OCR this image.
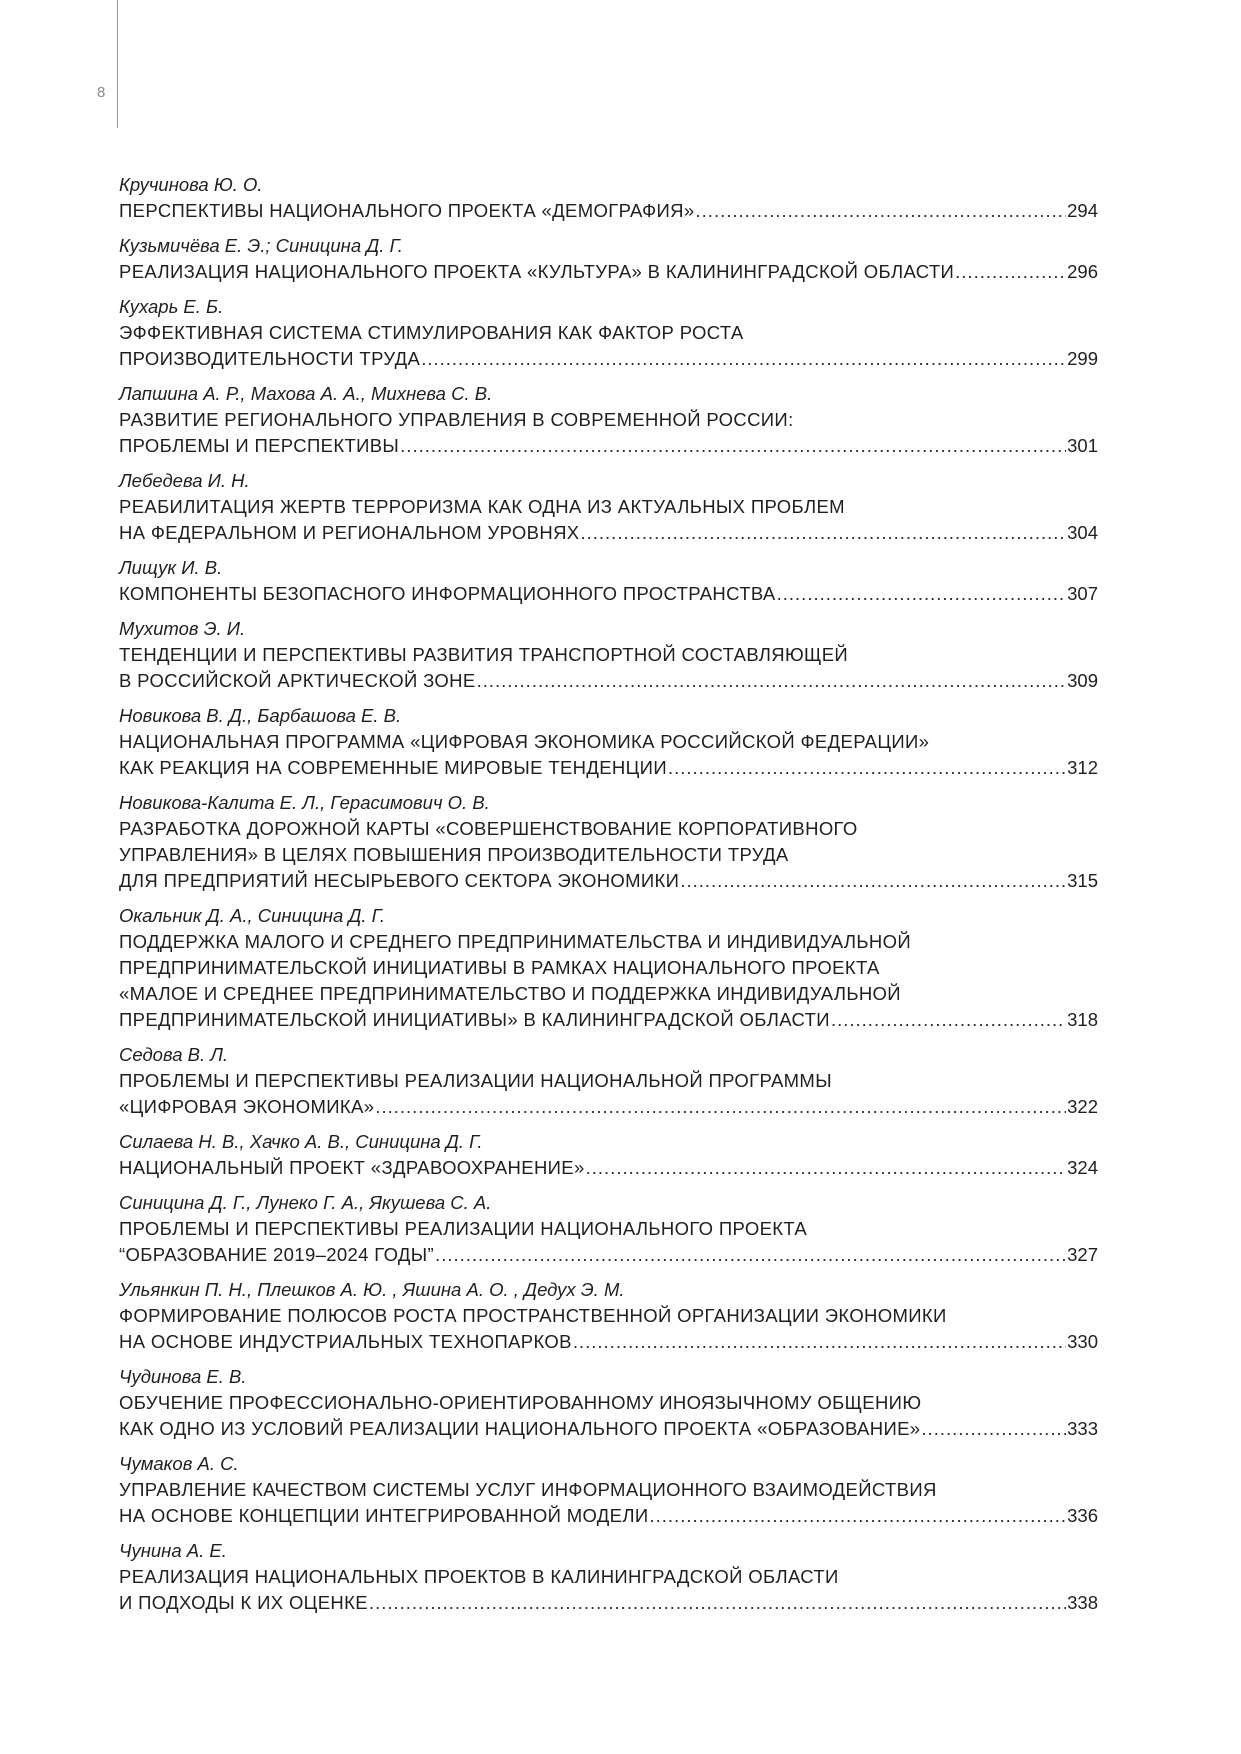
8
Кручинова Ю. О.
ПЕРСПЕКТИВЫ НАЦИОНАЛЬНОГО ПРОЕКТА «ДЕМОГРАФИЯ» .....	294
Кузьмичёва Е. Э.; Синицина Д. Г.
РЕАЛИЗАЦИЯ НАЦИОНАЛЬНОГО ПРОЕКТА «КУЛЬТУРА» В КАЛИНИНГРАДСКОЙ ОБЛАСТИ .....	296
Кухарь Е. Б.
ЭФФЕКТИВНАЯ СИСТЕМА СТИМУЛИРОВАНИЯ КАК ФАКТОР РОСТА
ПРОИЗВОДИТЕЛЬНОСТИ ТРУДА .....	299
Лапшина А. Р., Махова А. А., Михнева С. В.
РАЗВИТИЕ РЕГИОНАЛЬНОГО УПРАВЛЕНИЯ В СОВРЕМЕННОЙ РОССИИ:
ПРОБЛЕМЫ И ПЕРСПЕКТИВЫ .....	301
Лебедева И. Н.
РЕАБИЛИТАЦИЯ ЖЕРТВ ТЕРРОРИЗМА КАК ОДНА ИЗ АКТУАЛЬНЫХ ПРОБЛЕМ
НА ФЕДЕРАЛЬНОМ И РЕГИОНАЛЬНОМ УРОВНЯХ .....	304
Лищук И. В.
КОМПОНЕНТЫ БЕЗОПАСНОГО ИНФОРМАЦИОННОГО ПРОСТРАНСТВА .....	307
Мухитов Э. И.
ТЕНДЕНЦИИ И ПЕРСПЕКТИВЫ РАЗВИТИЯ ТРАНСПОРТНОЙ СОСТАВЛЯЮЩЕЙ
В РОССИЙСКОЙ АРКТИЧЕСКОЙ ЗОНЕ .....	309
Новикова В. Д., Барбашова Е. В.
НАЦИОНАЛЬНАЯ ПРОГРАММА «ЦИФРОВАЯ ЭКОНОМИКА РОССИЙСКОЙ ФЕДЕРАЦИИ»
КАК РЕАКЦИЯ НА СОВРЕМЕННЫЕ МИРОВЫЕ ТЕНДЕНЦИИ .....	312
Новикова-Калита Е. Л., Герасимович О. В.
РАЗРАБОТКА ДОРОЖНОЙ КАРТЫ «СОВЕРШЕНСТВОВАНИЕ КОРПОРАТИВНОГО
УПРАВЛЕНИЯ» В ЦЕЛЯХ ПОВЫШЕНИЯ ПРОИЗВОДИТЕЛЬНОСТИ ТРУДА
ДЛЯ ПРЕДПРИЯТИЙ НЕСЫРЬЕВОГО СЕКТОРА ЭКОНОМИКИ .....	315
Окальник Д. А., Синицина Д. Г.
ПОДДЕРЖКА МАЛОГО И СРЕДНЕГО ПРЕДПРИНИМАТЕЛЬСТВА И ИНДИВИДУАЛЬНОЙ
ПРЕДПРИНИМАТЕЛЬСКОЙ ИНИЦИАТИВЫ В РАМКАХ НАЦИОНАЛЬНОГО ПРОЕКТА
«МАЛОЕ И СРЕДНЕЕ ПРЕДПРИНИМАТЕЛЬСТВО И ПОДДЕРЖКА ИНДИВИДУАЛЬНОЙ
ПРЕДПРИНИМАТЕЛЬСКОЙ ИНИЦИАТИВЫ» В КАЛИНИНГРАДСКОЙ ОБЛАСТИ .....	318
Седова В. Л.
ПРОБЛЕМЫ И ПЕРСПЕКТИВЫ РЕАЛИЗАЦИИ НАЦИОНАЛЬНОЙ ПРОГРАММЫ
«ЦИФРОВАЯ ЭКОНОМИКА» .....	322
Силаева Н. В., Хачко А. В., Синицина Д. Г.
НАЦИОНАЛЬНЫЙ ПРОЕКТ «ЗДРАВООХРАНЕНИЕ» .....	324
Синицина Д. Г., Лунеко Г. А., Якушева С. А.
ПРОБЛЕМЫ И ПЕРСПЕКТИВЫ РЕАЛИЗАЦИИ НАЦИОНАЛЬНОГО ПРОЕКТА
“ОБРАЗОВАНИЕ 2019–2024 ГОДЫ” .....	327
Ульянкин П. Н., Плешков А. Ю. , Яшина А. О. , Дедух Э. М.
ФОРМИРОВАНИЕ ПОЛЮСОВ РОСТА ПРОСТРАНСТВЕННОЙ ОРГАНИЗАЦИИ ЭКОНОМИКИ
НА ОСНОВЕ ИНДУСТРИАЛЬНЫХ ТЕХНОПАРКОВ .....	330
Чудинова Е. В.
ОБУЧЕНИЕ ПРОФЕССИОНАЛЬНО-ОРИЕНТИРОВАННОМУ ИНОЯЗЫЧНОМУ ОБЩЕНИЮ
КАК ОДНО ИЗ УСЛОВИЙ РЕАЛИЗАЦИИ НАЦИОНАЛЬНОГО ПРОЕКТА «ОБРАЗОВАНИЕ» .....	333
Чумаков А. С.
УПРАВЛЕНИЕ КАЧЕСТВОМ СИСТЕМЫ УСЛУГ ИНФОРМАЦИОННОГО ВЗАИМОДЕЙСТВИЯ
НА ОСНОВЕ КОНЦЕПЦИИ ИНТЕГРИРОВАННОЙ МОДЕЛИ .....	336
Чунина А. Е.
РЕАЛИЗАЦИЯ НАЦИОНАЛЬНЫХ ПРОЕКТОВ В КАЛИНИНГРАДСКОЙ ОБЛАСТИ
И ПОДХОДЫ К ИХ ОЦЕНКЕ .....	338
